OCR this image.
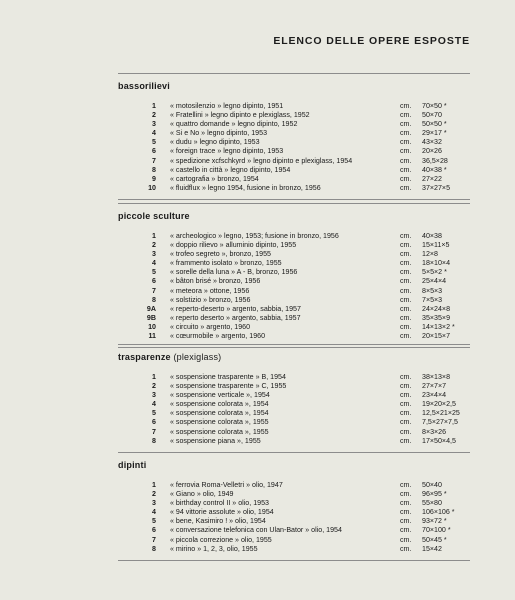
ELENCO DELLE OPERE ESPOSTE
bassorilievi
1	« motosilenzio » legno dipinto, 1951	cm.	70×50 *
2	« Fratellini » legno dipinto e plexiglass, 1952	cm.	50×70
3	« quattro domande » legno dipinto, 1952	cm.	50×50 *
4	« Si e No » legno dipinto, 1953	cm.	29×17 *
5	« dudu » legno dipinto, 1953	cm.	43×32
6	« foreign trace » legno dipinto, 1953	cm.	20×26
7	« spedizione xcfschkyrd » legno dipinto e plexiglass, 1954	cm.	36,5×28
8	« castello in città » legno dipinto, 1954	cm.	40×38 *
9	« cartografia » bronzo, 1954	cm.	27×22
10	« fluidflux » legno 1954, fusione in bronzo, 1956	cm.	37×27×5
piccole sculture
1	« archeologico » legno, 1953; fusione in bronzo, 1956	cm.	40×38
2	« doppio rilievo » alluminio dipinto, 1955	cm.	15×11×5
3	« trofeo segreto », bronzo, 1955	cm.	12×8
4	« frammento isolato » bronzo, 1955	cm.	18×10×4
5	« sorelle della luna » A - B, bronzo, 1956	cm.	5×5×2 *
6	« bâton brisé » bronzo, 1956	cm.	25×4×4
7	« meteora » ottone, 1956	cm.	8×5×3
8	« solstizio » bronzo, 1956	cm.	7×5×3
9A	« reperto-deserto » argento, sabbia, 1957	cm.	24×24×8
9B	« reperto deserto » argento, sabbia, 1957	cm.	35×35×9
10	« circuito » argento, 1960	cm.	14×13×2 *
11	« cœurmobile » argento, 1960	cm.	20×15×7
trasparenze (plexiglass)
1	« sospensione trasparente » B, 1954	cm.	38×13×8
2	« sospensione trasparente » C, 1955	cm.	27×7×7
3	« sospensione verticale », 1954	cm.	23×4×4
4	« sospensione colorata », 1954	cm.	19×20×2,5
5	« sospensione colorata », 1954	cm.	12,5×21×25
6	« sospensione colorata », 1955	cm.	7,5×27×7,5
7	« sospensione colorata », 1955	cm.	8×3×26
8	« sospensione piana », 1955	cm.	17×50×4,5
dipinti
1	« ferrovia Roma-Velletri » olio, 1947	cm.	50×40
2	« Giano » olio, 1949	cm.	96×95 *
3	« birthday control II » olio, 1953	cm.	55×80
4	« 94 vittorie assolute » olio, 1954	cm.	106×106 *
5	« bene, Kasimiro ! » olio, 1954	cm.	93×72 *
6	« conversazione telefonica con Ulan-Bator » olio, 1954	cm.	70×100 *
7	« piccola correzione » olio, 1955	cm.	50×45 *
8	« mirino » 1, 2, 3, olio, 1955	cm.	15×42
